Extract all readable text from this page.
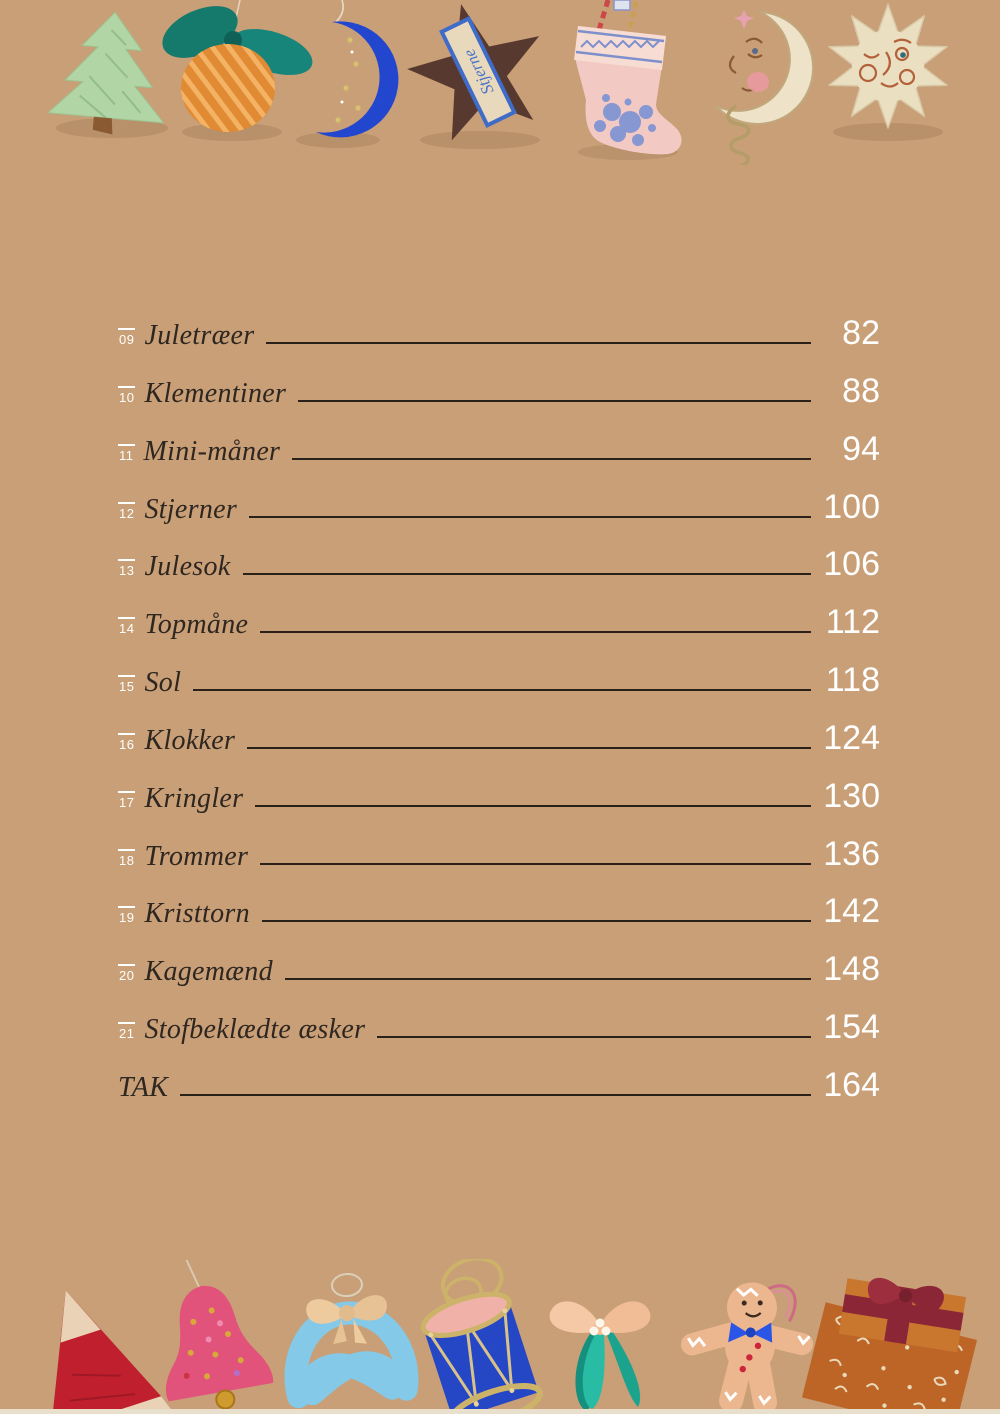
Stjerne
09 Juletræer	82
10 Klementiner	88
11 Mini-måner	94
12 Stjerner	100
13 Julesok	106
14 Topmåne	112
15 Sol	118
16 Klokker	124
17 Kringler	130
18 Trommer	136
19 Kristtorn	142
20 Kagemænd	148
21 Stofbeklædte æsker	154
TAK	164
